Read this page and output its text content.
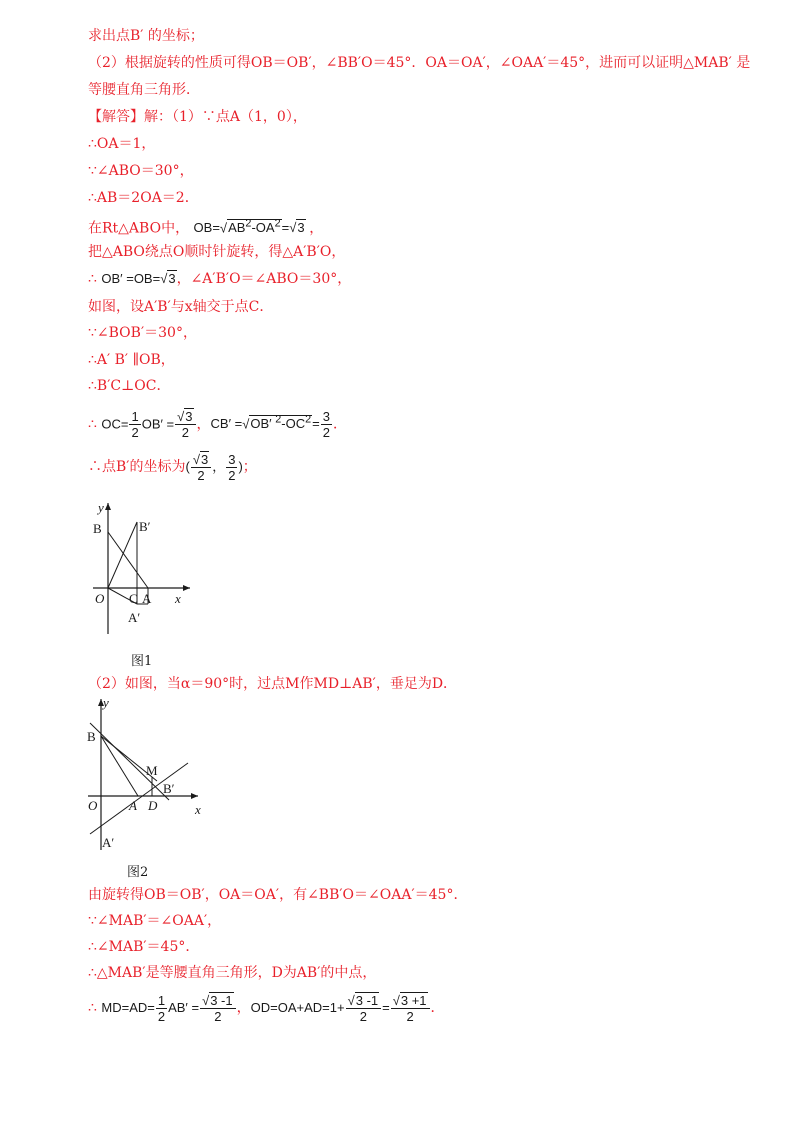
求出点B′ 的坐标；
（2）根据旋转的性质可得OB＝OB′，∠BB′O＝45°．OA＝OA′，∠OAA′＝45°，进而可以证明△MAB′ 是
等腰直角三角形．
【解答】解：（1）∵点A（1，0），
∴OA＝1，
∵∠ABO＝30°，
∴AB＝2OA＝2．
在Rt△ABO中， $OB=√AB^2-OA^2=√3$ ，
把△ABO绕点O顺时针旋转，得△A′B′O，
∴ OB′ =OB=√3，∠A′B′O＝∠ABO＝30°，
如图，设A′B′与x轴交于点C．
∵∠BOB′＝30°，
∴A′ B′ ∥OB，
∴B′C⊥OC．
∴ $OC= \frac{1}{2} OB' = \frac{√3}{2}$ ，CB′ =√OB′ $^2-OC^2= \frac{3}{2}$ ．
∴点B′的坐标为( $\frac{√3}{2}$ ， $\frac{3}{2}$ )；
y
B	B′
O C A x
A′
图1
（2）如图，当α＝90°时，过点M作MD⊥AB′，垂足为D．
y
B
M
B′
O A D	x
A′
图2
由旋转得OB＝OB′，OA＝OA′，有∠BB′O＝∠OAA′＝45°．
∵∠MAB′＝∠OAA′，
∴∠MAB′＝45°．
∴△MAB′是等腰直角三角形，D为AB′的中点，
∴ $MD=AD= \frac{1}{2} AB' = \frac{√3 -1}{2}$ ，$OD=OA+AD=1+ \frac{√3 -1}{2} = \frac{√3 +1}{2}$ ．
